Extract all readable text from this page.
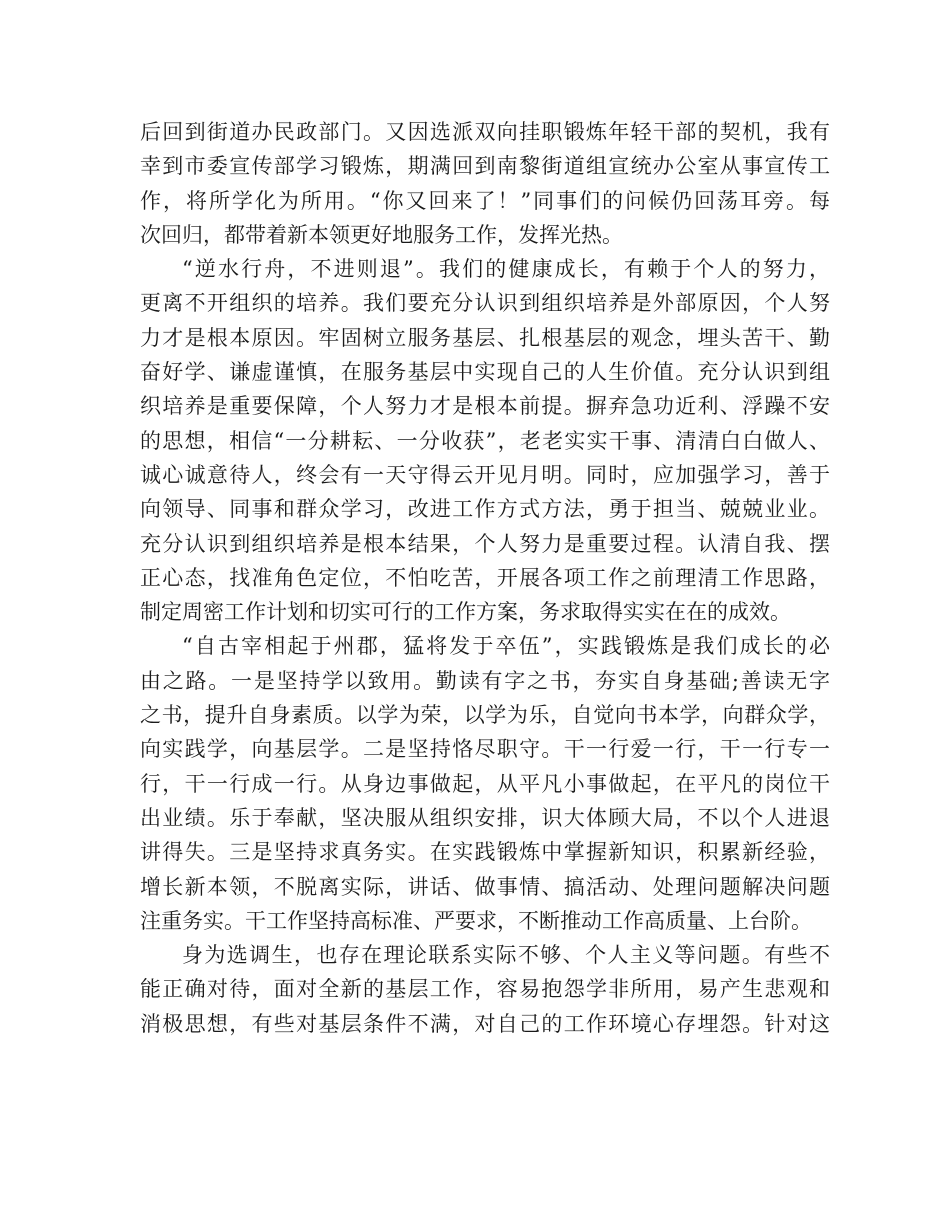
后回到街道办民政部门。又因选派双向挂职锻炼年轻干部的契机，我有
幸到市委宣传部学习锻炼，期满回到南黎街道组宣统办公室从事宣传工
作，将所学化为所用。“你又回来了！”同事们的问候仍回荡耳旁。每
次回归，都带着新本领更好地服务工作，发挥光热。
“逆水行舟，不进则退”。我们的健康成长，有赖于个人的努力，
更离不开组织的培养。我们要充分认识到组织培养是外部原因，个人努
力才是根本原因。牢固树立服务基层、扎根基层的观念，埋头苦干、勤
奋好学、谦虚谨慎，在服务基层中实现自己的人生价值。充分认识到组
织培养是重要保障，个人努力才是根本前提。摒弃急功近利、浮躁不安
的思想，相信“一分耕耘、一分收获”，老老实实干事、清清白白做人、
诚心诚意待人，终会有一天守得云开见月明。同时，应加强学习，善于
向领导、同事和群众学习，改进工作方式方法，勇于担当、兢兢业业。
充分认识到组织培养是根本结果，个人努力是重要过程。认清自我、摆
正心态，找准角色定位，不怕吃苦，开展各项工作之前理清工作思路，
制定周密工作计划和切实可行的工作方案，务求取得实实在在的成效。
“自古宰相起于州郡，猛将发于卒伍”，实践锻炼是我们成长的必
由之路。一是坚持学以致用。勤读有字之书，夯实自身基础;善读无字
之书，提升自身素质。以学为荣，以学为乐，自觉向书本学，向群众学，
向实践学，向基层学。二是坚持恪尽职守。干一行爱一行，干一行专一
行，干一行成一行。从身边事做起，从平凡小事做起，在平凡的岗位干
出业绩。乐于奉献，坚决服从组织安排，识大体顾大局，不以个人进退
讲得失。三是坚持求真务实。在实践锻炼中掌握新知识，积累新经验，
增长新本领，不脱离实际，讲话、做事情、搞活动、处理问题解决问题
注重务实。干工作坚持高标准、严要求，不断推动工作高质量、上台阶。
身为选调生，也存在理论联系实际不够、个人主义等问题。有些不
能正确对待，面对全新的基层工作，容易抱怨学非所用，易产生悲观和
消极思想，有些对基层条件不满，对自己的工作环境心存埋怨。针对这
